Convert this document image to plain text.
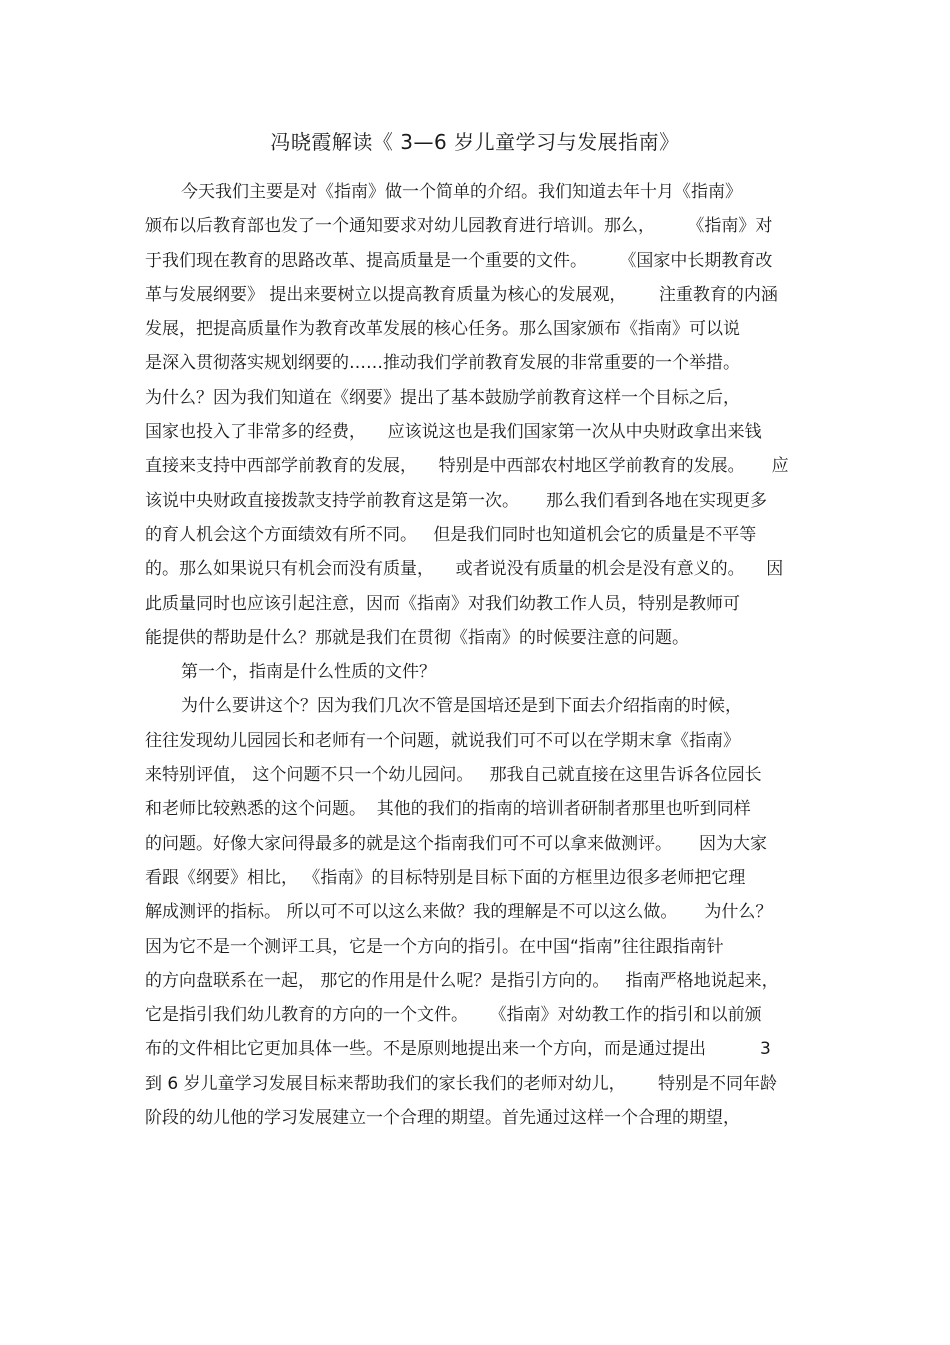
冯晓霞解读《 3—6 岁儿童学习与发展指南》
今天我们主要是对《指南》做一个简单的介绍。我们知道去年十月《指南》
颁布以后教育部也发了一个通知要求对幼儿园教育进行培训。那么，      《指南》对
于我们现在教育的思路改革、提高质量是一个重要的文件。      《国家中长期教育改
革与发展纲要》 提出来要树立以提高教育质量为核心的发展观，      注重教育的内涵
发展，把提高质量作为教育改革发展的核心任务。那么国家颁布《指南》可以说
是深入贯彻落实规划纲要的……推动我们学前教育发展的非常重要的一个举措。
为什么？因为我们知道在《纲要》提出了基本鼓励学前教育这样一个目标之后，
国家也投入了非常多的经费，    应该说这也是我们国家第一次从中央财政拿出来钱
直接来支持中西部学前教育的发展，    特别是中西部农村地区学前教育的发展。     应
该说中央财政直接拨款支持学前教育这是第一次。     那么我们看到各地在实现更多
的育人机会这个方面绩效有所不同。   但是我们同时也知道机会它的质量是不平等
的。那么如果说只有机会而没有质量，    或者说没有质量的机会是没有意义的。    因
此质量同时也应该引起注意，因而《指南》对我们幼教工作人员，特别是教师可
能提供的帮助是什么？那就是我们在贯彻《指南》的时候要注意的问题。
第一个，指南是什么性质的文件？
为什么要讲这个？因为我们几次不管是国培还是到下面去介绍指南的时候，
往往发现幼儿园园长和老师有一个问题，就说我们可不可以在学期末拿《指南》
来特别评值， 这个问题不只一个幼儿园问。   那我自己就直接在这里告诉各位园长
和老师比较熟悉的这个问题。  其他的我们的指南的培训者研制者那里也听到同样
的问题。好像大家问得最多的就是这个指南我们可不可以拿来做测评。     因为大家
看跟《纲要》相比， 《指南》的目标特别是目标下面的方框里边很多老师把它理
解成测评的指标。 所以可不可以这么来做？我的理解是不可以这么做。     为什么？
因为它不是一个测评工具，它是一个方向的指引。在中国“指南”往往跟指南针
的方向盘联系在一起， 那它的作用是什么呢？是指引方向的。   指南严格地说起来，
它是指引我们幼儿教育的方向的一个文件。    《指南》对幼教工作的指引和以前颁
布的文件相比它更加具体一些。不是原则地提出来一个方向，而是通过提出          3
到 6 岁儿童学习发展目标来帮助我们的家长我们的老师对幼儿，      特别是不同年龄
阶段的幼儿他的学习发展建立一个合理的期望。首先通过这样一个合理的期望，
